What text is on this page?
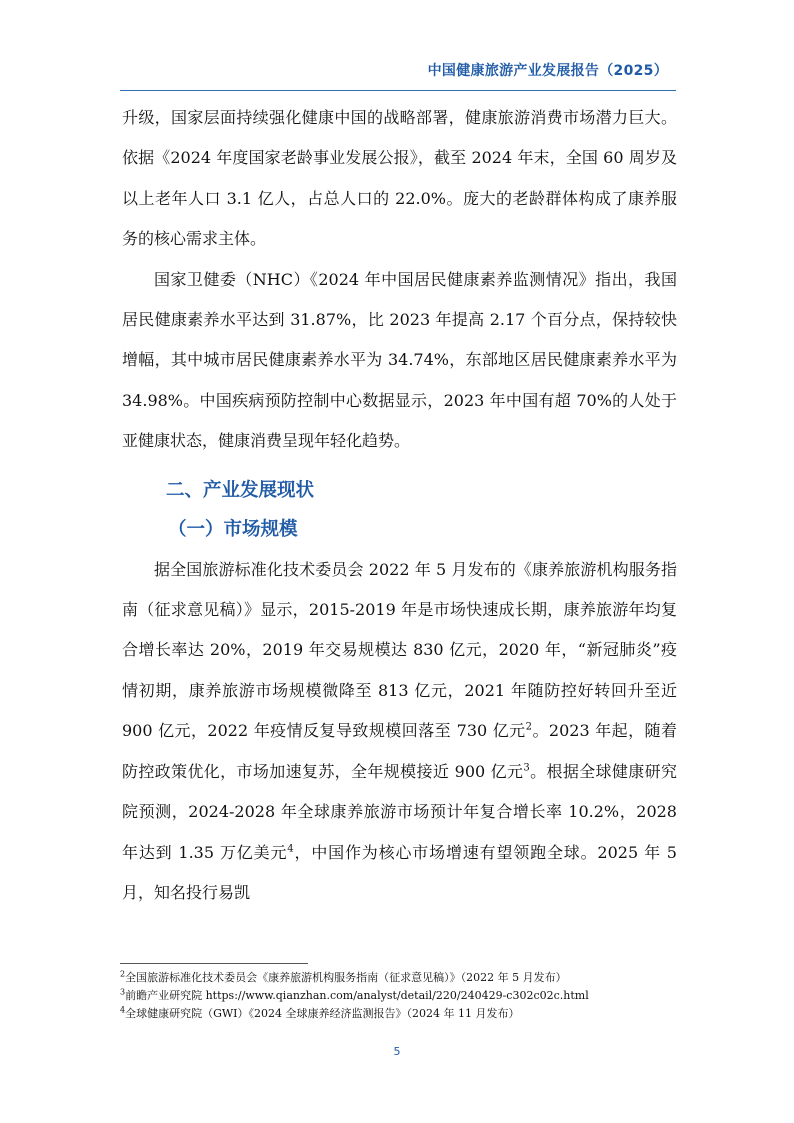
中国健康旅游产业发展报告（2025）

升级，国家层面持续强化健康中国的战略部署，健康旅游消费市场潜力巨大。依据《2024 年度国家老龄事业发展公报》，截至 2024 年末，全国 60 周岁及以上老年人口 3.1 亿人，占总人口的 22.0%。庞大的老龄群体构成了康养服务的核心需求主体。

国家卫健委（NHC）《2024 年中国居民健康素养监测情况》指出，我国居民健康素养水平达到 31.87%，比 2023 年提高 2.17 个百分点，保持较快增幅，其中城市居民健康素养水平为 34.74%，东部地区居民健康素养水平为 34.98%。中国疾病预防控制中心数据显示，2023 年中国有超 70%的人处于亚健康状态，健康消费呈现年轻化趋势。

二、产业发展现状
（一）市场规模

据全国旅游标准化技术委员会 2022 年 5 月发布的《康养旅游机构服务指南（征求意见稿）》显示，2015-2019 年是市场快速成长期，康养旅游年均复合增长率达 20%，2019 年交易规模达 830 亿元，2020 年，“新冠肺炎”疫情初期，康养旅游市场规模微降至 813 亿元，2021 年随防控好转回升至近 900 亿元，2022 年疫情反复导致规模回落至 730 亿元$^2$。2023 年起，随着防控政策优化，市场加速复苏，全年规模接近 900 亿元$^3$。根据全球健康研究院预测，2024-2028 年全球康养旅游市场预计年复合增长率 10.2%，2028 年达到 1.35 万亿美元$^4$，中国作为核心市场增速有望领跑全球。2025 年 5 月，知名投行易凯

$^2$全国旅游标准化技术委员会《康养旅游机构服务指南（征求意见稿）》（2022 年 5 月发布）
$^3$前瞻产业研究院 https://www.qianzhan.com/analyst/detail/220/240429-c302c02c.html
$^4$全球健康研究院（GWI）《2024 全球康养经济监测报告》（2024 年 11 月发布）
5
